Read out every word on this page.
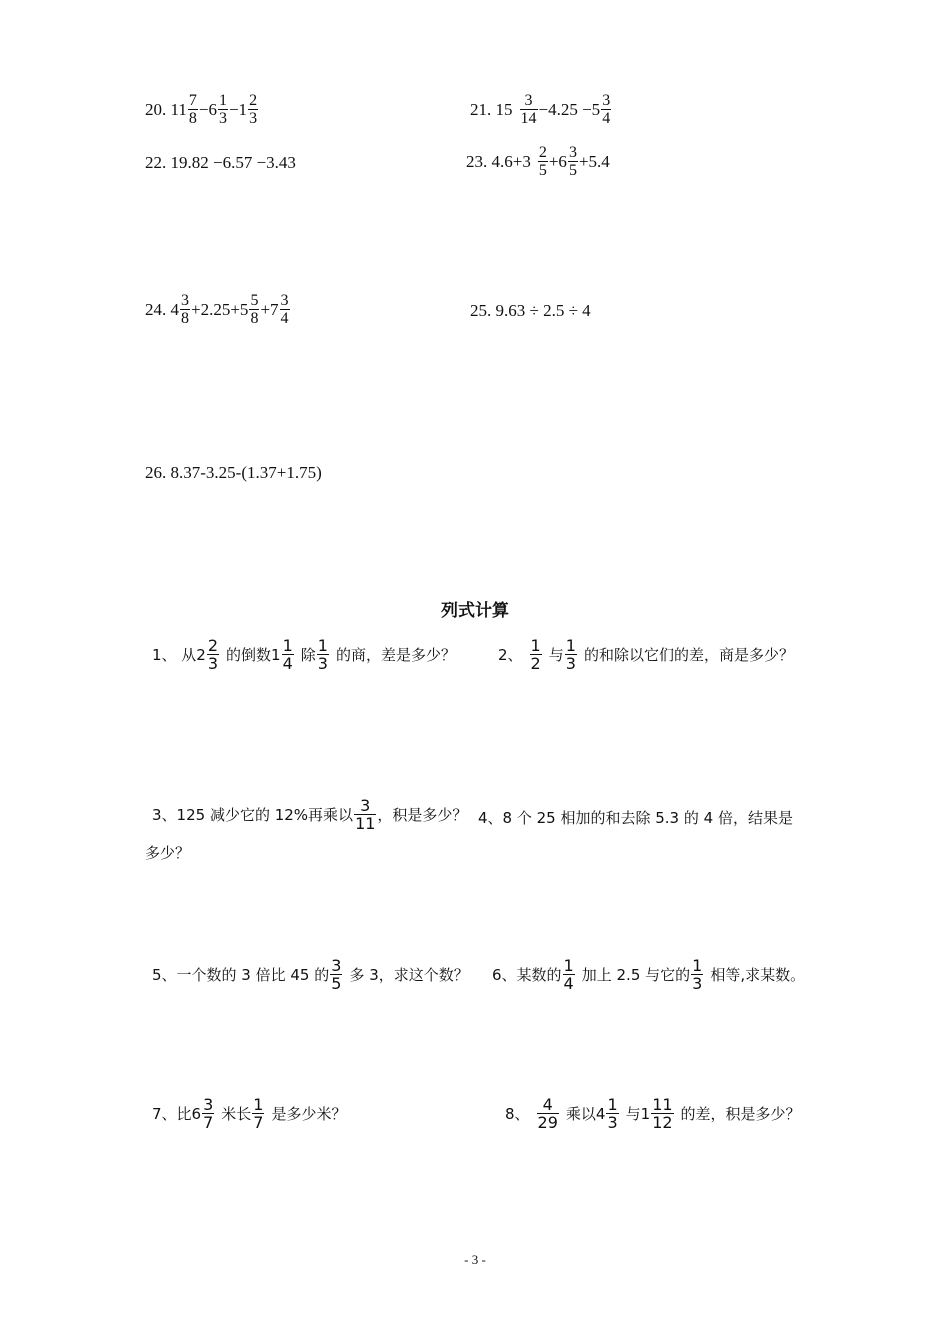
20. $11 \frac{7}{8} -6 \frac{1}{3} -1 \frac{2}{3}$	21. $15 \frac{3}{14} -4.25 -5 \frac{3}{4}$
22. 19.82 −6.57 −3.43	23. $4.6+3 \frac{2}{5} +6 \frac{3}{5} +5.4$
24. $4 \frac{3}{8} +2.25+5 \frac{5}{8} +7 \frac{3}{4}$	25. 9.63 ÷ 2.5 ÷ 4
26. 8.37-3.25-(1.37+1.75)
列式计算
1、 从$2 \frac{2}{3}$ 的倒数$1 \frac{1}{4}$ 除 $\frac{1}{3}$ 的商，差是多少？	2、 $\frac{1}{2}$ 与 $\frac{1}{3}$ 的和除以它们的差，商是多少？
3、125 减少它的 12%再乘以 $\frac{3}{11}$ ，积是多少？ 4、8 个 25 相加的和去除 5.3 的 4 倍，结果是
多少？
5、一个数的 3 倍比 45 的 $\frac{3}{5}$ 多 3，求这个数？ 6、某数的 $\frac{1}{4}$ 加上 2.5 与它的 $\frac{1}{3}$ 相等,求某数。
7、比$6 \frac{3}{7}$ 米长 $\frac{1}{7}$ 是多少米？	8、 $\frac{4}{29}$ 乘以$4 \frac{1}{3}$ 与$1 \frac{11}{12}$ 的差，积是多少？
- 3 -
